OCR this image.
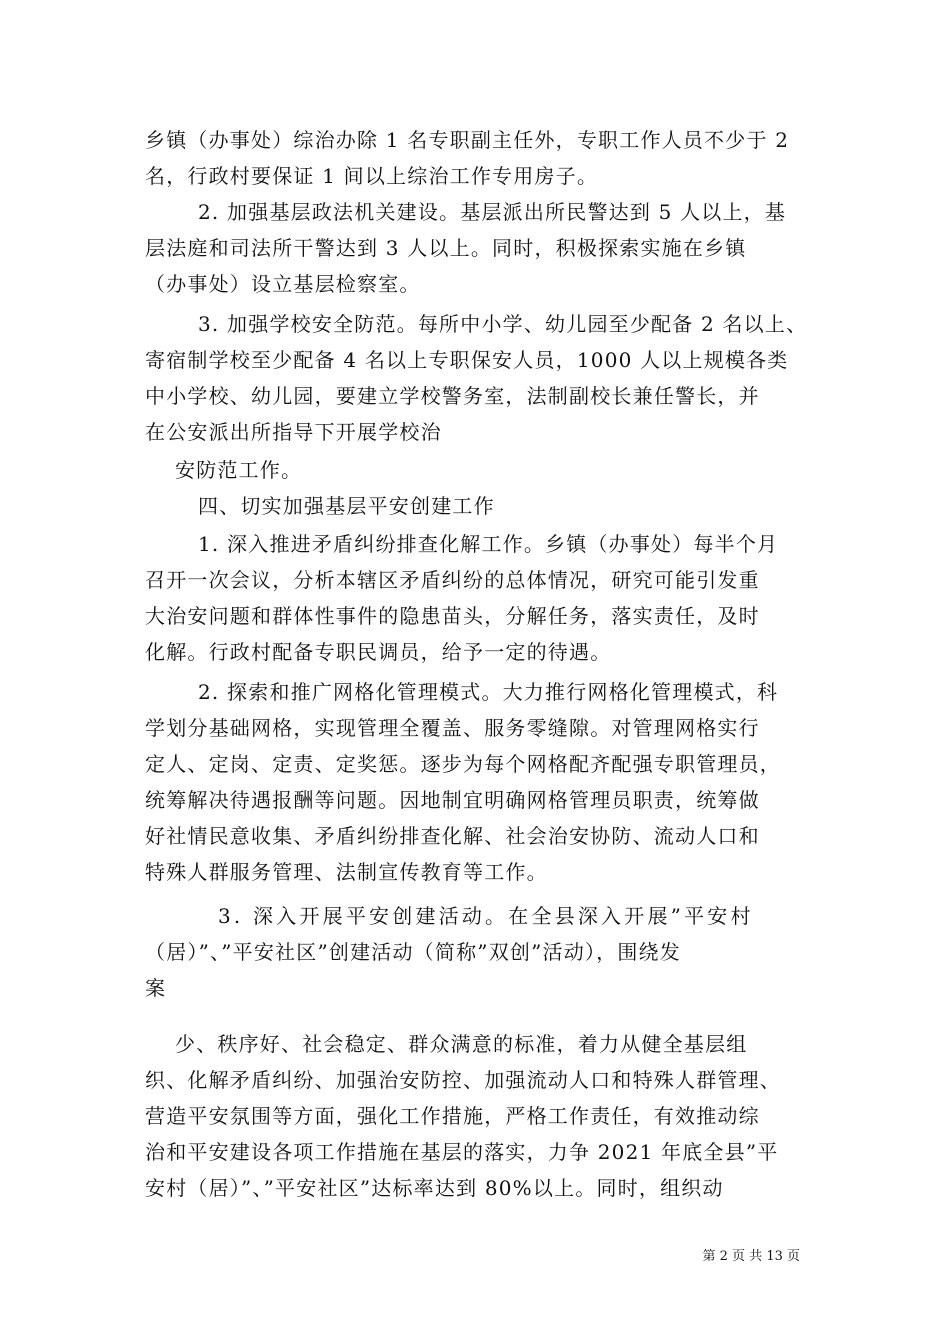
乡镇（办事处）综治办除 1 名专职副主任外，专职工作人员不少于 2
名，行政村要保证 1 间以上综治工作专用房子。
2. 加强基层政法机关建设。基层派出所民警达到 5 人以上，基
层法庭和司法所干警达到 3 人以上。同时，积极探索实施在乡镇
（办事处）设立基层检察室。
3. 加强学校安全防范。每所中小学、幼儿园至少配备 2 名以上、
寄宿制学校至少配备 4 名以上专职保安人员，1000 人以上规模各类
中小学校、幼儿园，要建立学校警务室，法制副校长兼任警长，并
在公安派出所指导下开展学校治
安防范工作。
四、切实加强基层平安创建工作
1. 深入推进矛盾纠纷排查化解工作。乡镇（办事处）每半个月
召开一次会议，分析本辖区矛盾纠纷的总体情况，研究可能引发重
大治安问题和群体性事件的隐患苗头，分解任务，落实责任，及时
化解。行政村配备专职民调员，给予一定的待遇。
2. 探索和推广网格化管理模式。大力推行网格化管理模式，科
学划分基础网格，实现管理全覆盖、服务零缝隙。对管理网格实行
定人、定岗、定责、定奖惩。逐步为每个网格配齐配强专职管理员，
统筹解决待遇报酬等问题。因地制宜明确网格管理员职责，统筹做
好社情民意收集、矛盾纠纷排查化解、社会治安协防、流动人口和
特殊人群服务管理、法制宣传教育等工作。
3. 深入开展平安创建活动。在全县深入开展”平安村
（居）”、”平安社区”创建活动（简称”双创”活动），围绕发
案
少、秩序好、社会稳定、群众满意的标准，着力从健全基层组
织、化解矛盾纠纷、加强治安防控、加强流动人口和特殊人群管理、
营造平安氛围等方面，强化工作措施，严格工作责任，有效推动综
治和平安建设各项工作措施在基层的落实，力争 2021 年底全县”平
安村（居）”、”平安社区”达标率达到 80%以上。同时，组织动
第 2 页 共 13 页
